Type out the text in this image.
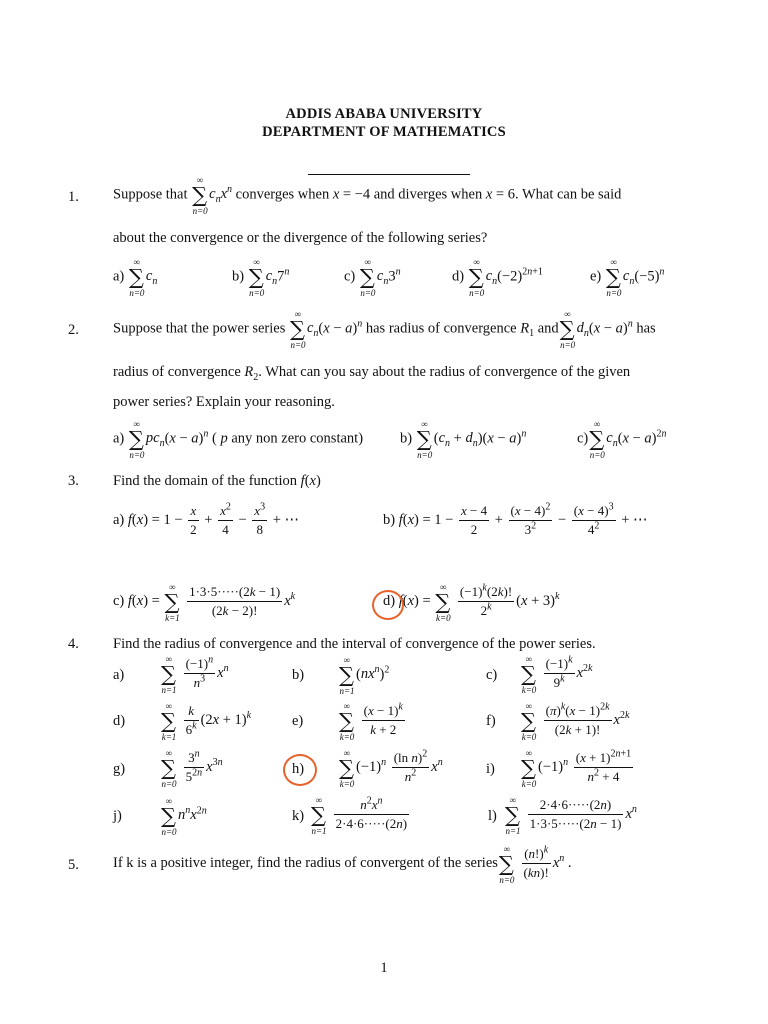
ADDIS ABABA UNIVERSITY
DEPARTMENT OF MATHEMATICS
1. Suppose that
∞
∑
n=0
$c_nx^n$ converges when x = −4 and diverges when x = 6. What can be said
about the convergence or the divergence of the following series?
a)
∞
∑
n=0
$c_n$	b)
∞
∑
n=0
$c_n7^n$	c)
∞
∑
n=0
$c_n3^n$	d)
∞
∑
n=0
$c_n(-2)^{2n+1}$	e)
∞
∑
n=0
$c_n(-5)^n$
2. Suppose that the power series
∞
∑
n=0
$c_n(x - a)^n$ has radius of convergence $R_1$ and
∞
∑
n=0
$d_n(x - a)^n$ has
radius of convergence $R_2$. What can you say about the radius of convergence of the given
power series? Explain your reasoning.
a)
∞
∑
n=0
$pc_n(x - a)^n$ ( p any non zero constant)	b)
∞
∑
n=0
$(c_n + d_n)(x - a)^n$	c)
∞
∑
n=0
$c_n(x - a)^{2n}$
3. Find the domain of the function f(x)
a) $f(x) = 1 - \frac{x}{2} + \frac{x^2}{4} - \frac{x^3}{8}$ + ⋯	b) $f(x) = 1 - \frac{x - 4}{2} + \frac{(x - 4)^2}{3^2} - \frac{(x - 4)^3}{4^2}$ + ⋯
c) f(x) =
∞
∑
k=1
$\frac{1\cdot 3\cdot 5\cdot\cdot\cdot\cdot\cdot(2k - 1)}{(2k - 2)!} x^k$	d) f(x) =
∞
∑
k=0
$\frac{(-1)^k(2k)!}{2^k} (x + 3)^k$
4. Find the radius of convergence and the interval of convergence of the power series.
a)
∞
∑
n=1
$\frac{(-1)^n}{n^3} x^n$	b)
∞
∑
n=1
$(nx^n)^2$	c)
∞
∑
k=0
$\frac{(-1)^k}{9^k} x^{2k}$
d)
∞
∑
k=1
$\frac{k}{6^k} (2x + 1)^k$	e)
∞
∑
k=0
$\frac{(x - 1)^k}{k + 2}$	f)
∞
∑
k=0
$\frac{(\pi)^k(x - 1)^{2k}}{(2k + 1)!} x^{2k}$
g)
∞
∑
n=0
$\frac{3^n}{5^{2n}} x^{3n}$	h)
∞
∑
k=0
$(-1)^n \frac{(\ln n)^2}{n^2} x^n$	i)
∞
∑
k=0
$(-1)^n \frac{(x + 1)^{2n+1}}{n^2 + 4}$
j)
∞
∑
n=0
$n^nx^{2n}$	k)
∞
∑
n=1
$\frac{n^2x^n}{2\cdot 4\cdot 6\cdot\cdot\cdot\cdot\cdot(2n)}$	l)
∞
∑
n=1
$\frac{2\cdot 4\cdot 6\cdot\cdot\cdot\cdot\cdot(2n)}{1\cdot 3\cdot 5\cdot\cdot\cdot\cdot\cdot(2n - 1)} x^n$
5. If k is a positive integer, find the radius of convergent of the series
∞
∑
n=0
$\frac{(n!)^k}{(kn)!} x^n$ .
1
